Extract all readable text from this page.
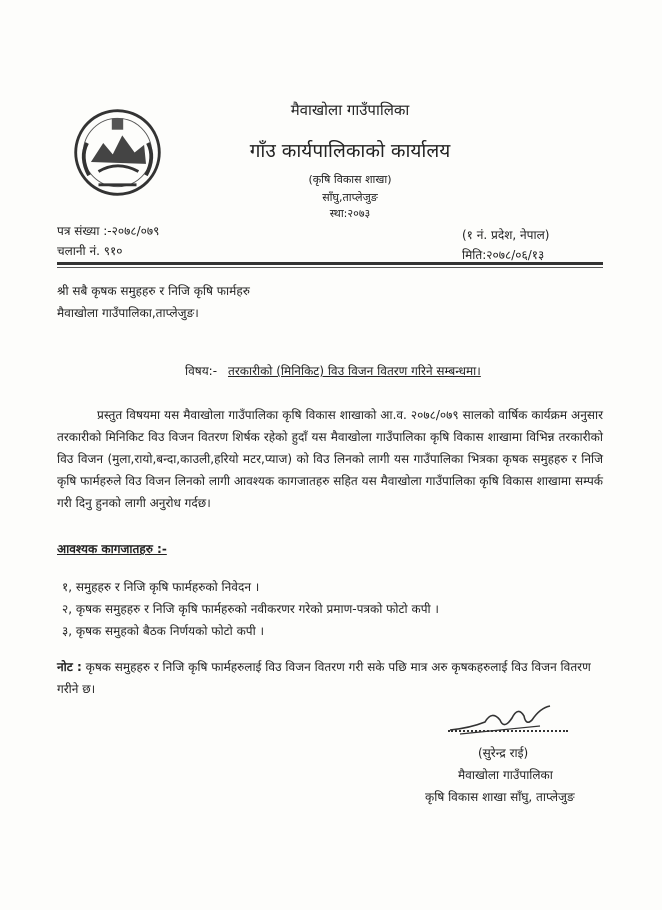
मैवाखोला गाउँपालिका
गाँउ कार्यपालिकाको कार्यालय
(कृषि विकास शाखा)
साँघु,ताप्लेजुङ
स्था:२०७३
पत्र संख्या :-२०७८/०७९
चलानी नं. ९१०
(१ नं. प्रदेश, नेपाल)
मिति:२०७८/०६/१३
श्री सबै कृषक समुहहरु र निजि कृषि फार्महरु
मैवाखोला गाउँपालिका,ताप्लेजुङ।
विषय:- तरकारीको (मिनिकिट) विउ विजन वितरण गरिने सम्बन्धमा।
प्रस्तुत विषयमा यस मैवाखोला गाउँपालिका कृषि विकास शाखाको आ.व. २०७८/०७९ सालको वार्षिक कार्यक्रम अनुसार तरकारीको मिनिकिट विउ विजन वितरण शिर्षक रहेको हुदाँ यस मैवाखोला गाउँपालिका कृषि विकास शाखामा विभिन्न तरकारीको विउ विजन (मुला,रायो,बन्दा,काउली,हरियो मटर,प्याज) को विउ लिनको लागी यस गाउँपालिका भित्रका कृषक समुहहरु र निजि कृषि फार्महरुले विउ विजन लिनको लागी आवश्यक कागजातहरु सहित यस मैवाखोला गाउँपालिका कृषि विकास शाखामा सम्पर्क गरी दिनु हुनको लागी अनुरोध गर्दछ।
आवश्यक कागजातहरु :-
१, समुहहरु र निजि कृषि फार्महरुको निवेदन ।
२, कृषक समुहहरु र निजि कृषि फार्महरुको नवीकरणर गरेको प्रमाण-पत्रको फोटो कपी ।
३, कृषक समुहको बैठक निर्णयको फोटो कपी ।
नोट : कृषक समुहहरु र निजि कृषि फार्महरुलाई विउ विजन वितरण गरी सके पछि मात्र अरु कृषकहरुलाई विउ विजन वितरण गरीने छ।
(सुरेन्द्र राई)
मैवाखोला गाउँपालिका
कृषि विकास शाखा साँघु, ताप्लेजुङ
